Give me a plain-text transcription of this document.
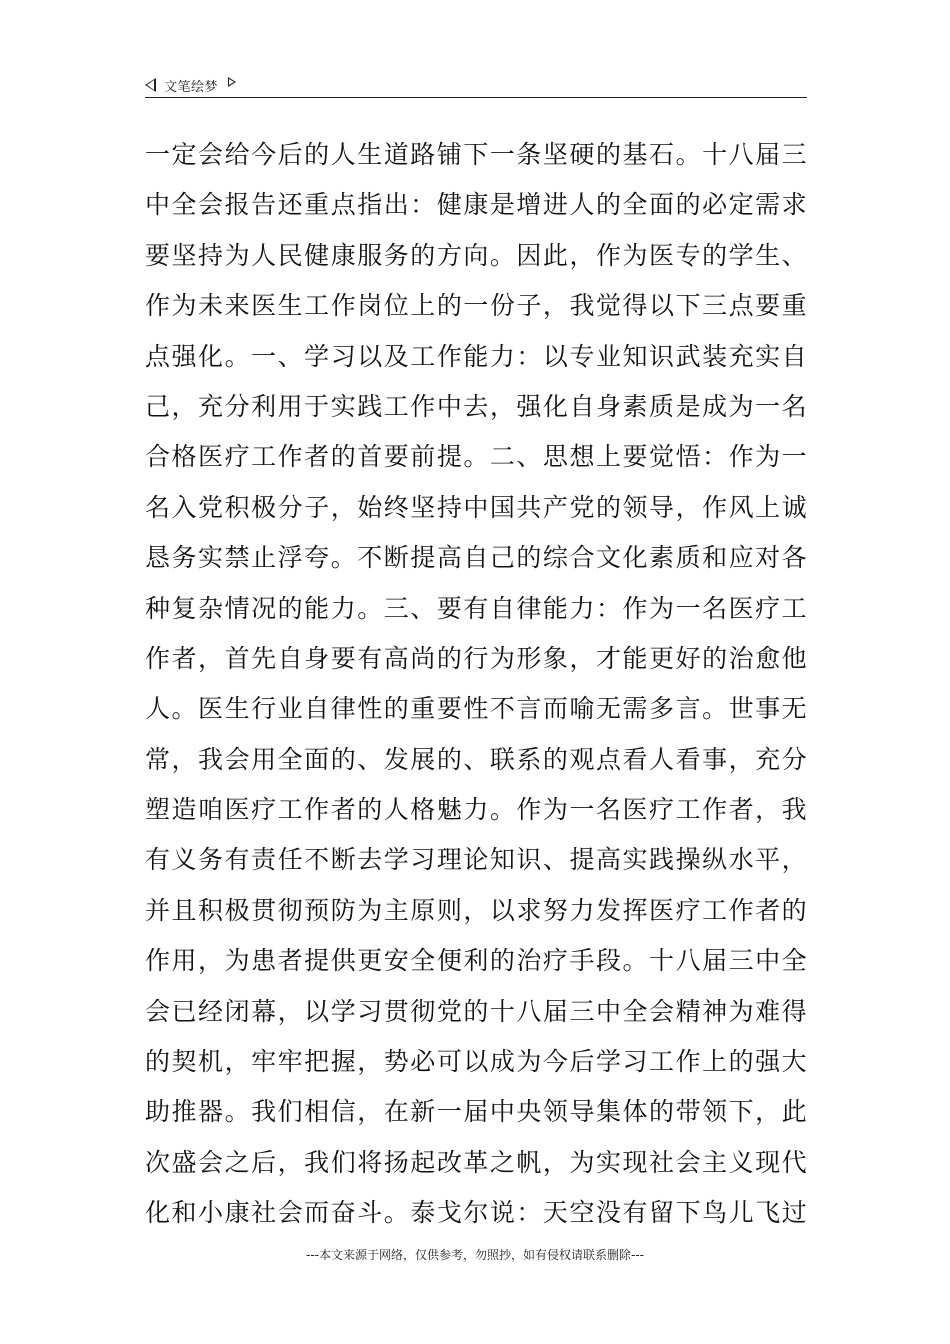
文笔绘梦
一定会给今后的人生道路铺下一条坚硬的基石。十八届三
中全会报告还重点指出：健康是增进人的全面的必定需求
要坚持为人民健康服务的方向。因此，作为医专的学生、
作为未来医生工作岗位上的一份子，我觉得以下三点要重
点强化。一、学习以及工作能力：以专业知识武装充实自
己，充分利用于实践工作中去，强化自身素质是成为一名
合格医疗工作者的首要前提。二、思想上要觉悟：作为一
名入党积极分子，始终坚持中国共产党的领导，作风上诚
恳务实禁止浮夸。不断提高自己的综合文化素质和应对各
种复杂情况的能力。三、要有自律能力：作为一名医疗工
作者，首先自身要有高尚的行为形象，才能更好的治愈他
人。医生行业自律性的重要性不言而喻无需多言。世事无
常，我会用全面的、发展的、联系的观点看人看事，充分
塑造咱医疗工作者的人格魅力。作为一名医疗工作者，我
有义务有责任不断去学习理论知识、提高实践操纵水平，
并且积极贯彻预防为主原则，以求努力发挥医疗工作者的
作用，为患者提供更安全便利的治疗手段。十八届三中全
会已经闭幕，以学习贯彻党的十八届三中全会精神为难得
的契机，牢牢把握，势必可以成为今后学习工作上的强大
助推器。我们相信，在新一届中央领导集体的带领下，此
次盛会之后，我们将扬起改革之帆，为实现社会主义现代
化和小康社会而奋斗。泰戈尔说：天空没有留下鸟儿飞过
---本文来源于网络，仅供参考，勿照抄，如有侵权请联系删除---
